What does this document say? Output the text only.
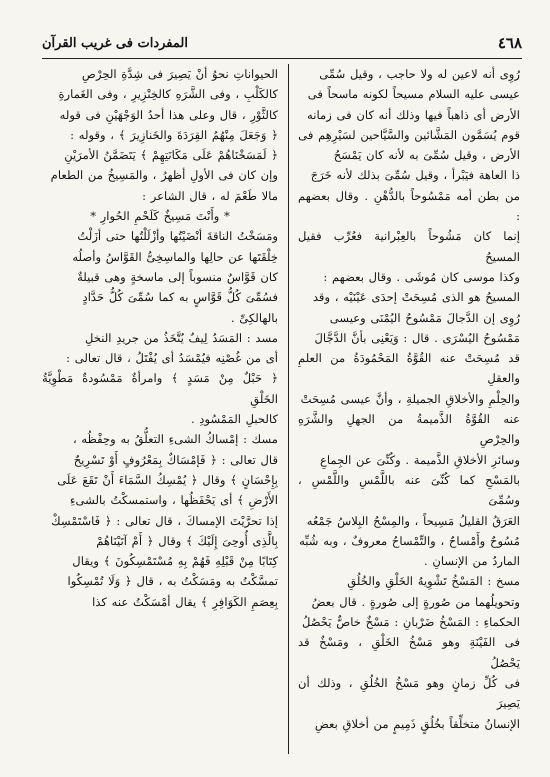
٤٦٨
المفردات فى غريب القرآن

رُوِى أنه لاعين له ولا حاجب ، وقيل سُمِّى

عيسى عليه السلام مسيحاً لكونه ماسحاً فى

الأرض أى ذاهباً فيها وذلك أنه كان فى زمانه

قوم يُسَمَّون المَشَّائين والسَّيَّاحين لسَيْرِهِم فى

الأرض ، وقيل سُمِّىَ به لأنه كان يَمْسَحُ

ذا العاهة فيَبْرأ ، وقيل سُمِّىَ بذلك لأنه خَرَجَ

من بطن أمه مَمْسُوحاً بالدُّهْنِ . وقال بعضهم :

إنما كان مَشُوحاً بالعِبْرانية فعُرِّب فقيل المسيحُ

وكذا موسى كان مُوشَى . وقال بعضهم :

المسيحُ هو الذى مُسِحَتْ إحدَى عَيْنَيْه ، وقد

رُوِى إن الدَّجالَ مَمْسُوحُ اليُمْنَى وعيسى

مَمْسُوحُ اليُسْرَى . قال : وَيَعْنِى بأنَّ الدَّجَّالَ

قد مُسِحَتْ عنه القُوَّةُ المَحْمُودَةُ من العلمِ والعقلِ

والحِلْمِ والأخلاقِ الجميلةِ ، وأنَّ عيسى مُسِحَتْ

عنه القُوَّةُ الذَّميمةُ من الجهلِ والشَّرَهِ والحِرْصِ

وسائرِ الأخلاقِ الذَّميمة . وكُنِّىَ عن الجِماعِ

بالمَسْحِ كما كُنِّىَ عنه باللَّمْسِ واللَّمْسِ ، وسُمِّىَ

العَرَقُ القليلُ مَسِيحاً ، والمِسْحُ البِلاسُ جَمْعُه

مُسُوحٌ وأَمْساحٌ ، والتِّمْساحُ معروفٌ ، وبه شُبِّه

الماردُ من الإنسانِ .

مسخ : المَسْخُ تَشْوِيهُ الخَلْقِ والخُلُقِ

وتحويلُهما من صُورةٍ إلى صُورةٍ . قال بعضُ

الحكماءِ : المَسْخُ ضَرْبانِ : مَسْخٌ خاصٌّ يَحْصُلُ

فى الفَيْنَةِ وهو مَسْخُ الخَلْقِ ، ومَسْخٌ قد يَحْصُلُ

فى كُلِّ زمانٍ وهو مَسْخُ الخُلُقِ ، وذلك أن يَصِيرَ

الإنسانُ متخلِّقاً بخُلُقٍ ذَمِيمٍ من أخلاقِ بعضِ

الحيواناتِ نحوُ أنْ يَصِيرَ فى شِدَّةِ الحِرْصِ

كالكَلْبِ ، وفى الشَّرَهِ كالخِنْزِيرِ ، وفى الغَمارةِ

كالثَّوْرِ ، قال وعلى هذا أحدُ الوَجْهَيْنِ فى قوله

﴿ وَجَعَلَ مِنْهُمُ القِرَدَةَ والخَنازِيرَ ﴾ ، وقوله :

﴿ لَمَسَخْنَاهُمْ عَلَى مَكَانَتِهِمْ ﴾ يَتَضَمَّنُ الأمرَيْنِ

وإن كان فى الأولِ أظهرُ ، والمَسِيخُ من الطعام

مالا طَعْمَ له ، قال الشاعر :

* وأَنْتَ مَسِيخٌ كَلَحْمِ الحُوارِ *

ومَسَخْتُ الناقةَ أنْضَيْتُها وأزْلَلْتُها حتى أزَلْتُ

خِلْقَتَها عن حالِها والماسِخِىُّ القَوَّاسُ وأصلُه

كان قَوَّاسٌ منسوباً إلى ماسخةٍ وهى قبيلةٌ

فسُمِّىَ كُلُّ قَوَّاسٍ به كما سُمِّىَ كُلُّ حَدَّادٍ

بالهالكِىِّ .

مسد : المَسَدُ لِيفٌ يُتَّخَذُ من جريدِ النخلِ

أى من غُصْنِه فيُمْسَدُ أى يُفْتَلُ ، قال تعالى :

﴿ حَبْلٌ مِنْ مَسَدٍ ﴾ وامرأةٌ مَمْسُودةٌ مَطْوِيَّةُ الخَلْقِ

كالحبلِ المَمْسُودِ .

مسك : إمْساكُ الشىءِ التعلُّقُ به وحِفْظُه ،

قال تعالى : ﴿ فَإمْسَاكٌ بِمَعْرُوفٍ أَوْ تَسْرِيحٌ

بِإِحْسَانٍ ﴾ وقال ﴿ يُمْسِكُ السَّمَاءَ أَنْ تَقَعَ عَلَى

الأَرْضِ ﴾ أى يَحْفَظُها ، واستمسكْتُ بالشىءِ

إذا تحرَّيْتَ الإمساكَ ، قال تعالى : ﴿ فَاسْتَمْسِكْ

بِالَّذِى أُوحِىَ إِلَيْكَ ﴾ وقال ﴿ أَمْ آتَيْنَاهُمْ

كِتَابًا مِنْ قَبْلِهِ فَهُمْ بِهِ مُسْتَمْسِكُونَ ﴾ ويقال

تمسَّكْتُ به ومَسَكْتُ به ، قال ﴿ وَلَا تُمْسِكُوا

بِعِصَمِ الكَوَافِرِ ﴾ يقال أمْسَكْتُ عنه كذا
